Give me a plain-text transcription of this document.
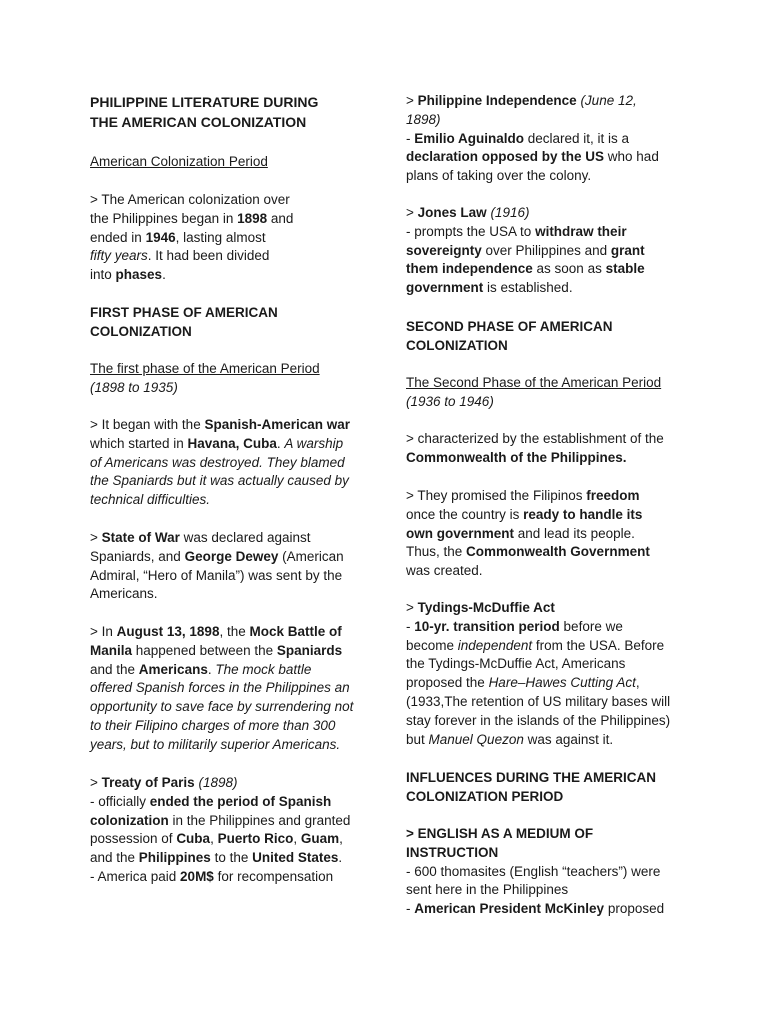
PHILIPPINE LITERATURE DURING
THE AMERICAN COLONIZATION
American Colonization Period
> The American colonization over
the Philippines began in 1898 and
ended in 1946, lasting almost
fifty years. It had been divided
into phases.
FIRST PHASE OF AMERICAN
COLONIZATION
The first phase of the American Period
(1898 to 1935)
> It began with the Spanish-American war
which started in Havana, Cuba. A warship
of Americans was destroyed. They blamed
the Spaniards but it was actually caused by
technical difficulties.
> State of War was declared against
Spaniards, and George Dewey (American
Admiral, “Hero of Manila”) was sent by the
Americans.
> In August 13, 1898, the Mock Battle of
Manila happened between the Spaniards
and the Americans. The mock battle
offered Spanish forces in the Philippines an
opportunity to save face by surrendering not
to their Filipino charges of more than 300
years, but to militarily superior Americans.
> Treaty of Paris (1898)
- officially ended the period of Spanish
colonization in the Philippines and granted
possession of Cuba, Puerto Rico, Guam,
and the Philippines to the United States.
- America paid 20M$ for recompensation
> Philippine Independence (June 12,
1898)
- Emilio Aguinaldo declared it, it is a
declaration opposed by the US who had
plans of taking over the colony.
> Jones Law (1916)
- prompts the USA to withdraw their
sovereignty over Philippines and grant
them independence as soon as stable
government is established.
SECOND PHASE OF AMERICAN
COLONIZATION
The Second Phase of the American Period
(1936 to 1946)
> characterized by the establishment of the
Commonwealth of the Philippines.
> They promised the Filipinos freedom
once the country is ready to handle its
own government and lead its people.
Thus, the Commonwealth Government
was created.
> Tydings-McDuffie Act
- 10-yr. transition period before we
become independent from the USA. Before
the Tydings-McDuffie Act, Americans
proposed the Hare–Hawes Cutting Act,
(1933,The retention of US military bases will
stay forever in the islands of the Philippines)
but Manuel Quezon was against it.
INFLUENCES DURING THE AMERICAN
COLONIZATION PERIOD
> ENGLISH AS A MEDIUM OF
INSTRUCTION
- 600 thomasites (English “teachers”) were
sent here in the Philippines
- American President McKinley proposed
